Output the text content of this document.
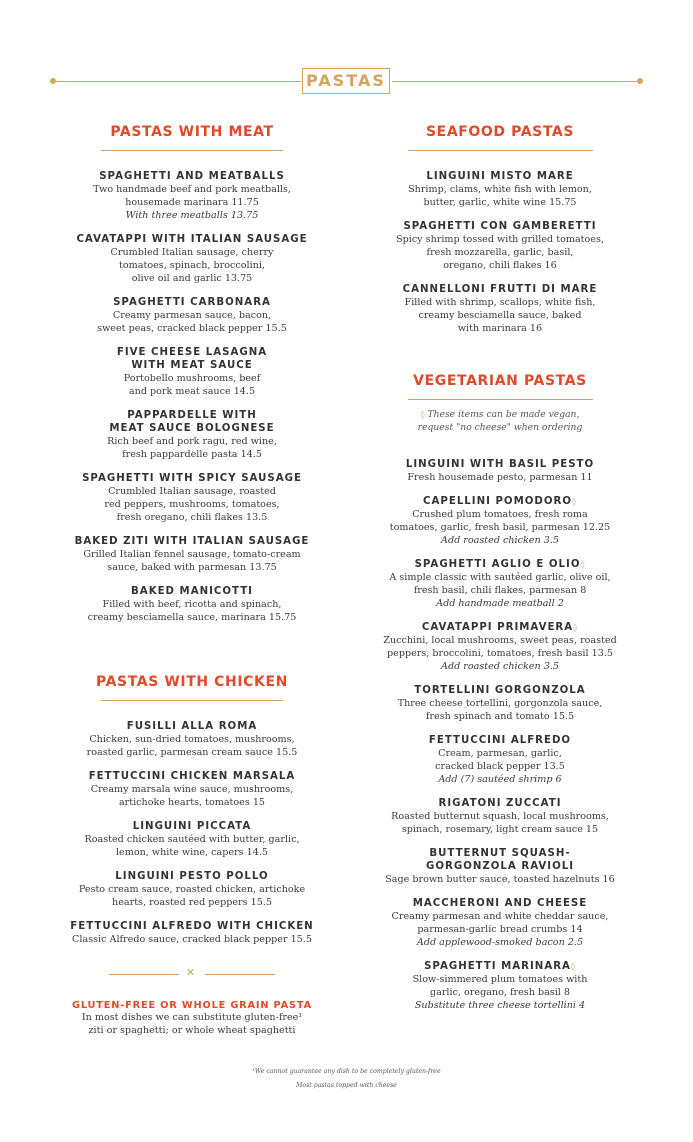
PASTAS
PASTAS WITH MEAT
SPAGHETTI AND MEATBALLS
Two handmade beef and pork meatballs,
housemade marinara 11.75
With three meatballs 13.75
CAVATAPPI WITH ITALIAN SAUSAGE
Crumbled Italian sausage, cherry
tomatoes, spinach, broccolini,
olive oil and garlic 13.75
SPAGHETTI CARBONARA
Creamy parmesan sauce, bacon,
sweet peas, cracked black pepper 15.5
FIVE CHEESE LASAGNA
WITH MEAT SAUCE
Portobello mushrooms, beef
and pork meat sauce 14.5
PAPPARDELLE WITH
MEAT SAUCE BOLOGNESE
Rich beef and pork ragu, red wine,
fresh pappardelle pasta 14.5
SPAGHETTI WITH SPICY SAUSAGE
Crumbled Italian sausage, roasted
red peppers, mushrooms, tomatoes,
fresh oregano, chili flakes 13.5
BAKED ZITI WITH ITALIAN SAUSAGE
Grilled Italian fennel sausage, tomato-cream
sauce, baked with parmesan 13.75
BAKED MANICOTTI
Filled with beef, ricotta and spinach,
creamy besciamella sauce, marinara 15.75
PASTAS WITH CHICKEN
FUSILLI ALLA ROMA
Chicken, sun-dried tomatoes, mushrooms,
roasted garlic, parmesan cream sauce 15.5
FETTUCCINI CHICKEN MARSALA
Creamy marsala wine sauce, mushrooms,
artichoke hearts, tomatoes 15
LINGUINI PICCATA
Roasted chicken sautéed with butter, garlic,
lemon, white wine, capers 14.5
LINGUINI PESTO POLLO
Pesto cream sauce, roasted chicken, artichoke
hearts, roasted red peppers 15.5
FETTUCCINI ALFREDO WITH CHICKEN
Classic Alfredo sauce, cracked black pepper 15.5
✕
GLUTEN-FREE OR WHOLE GRAIN PASTA
In most dishes we can substitute gluten-free¹
ziti or spaghetti; or whole wheat spaghetti
SEAFOOD PASTAS
LINGUINI MISTO MARE
Shrimp, clams, white fish with lemon,
butter, garlic, white wine 15.75
SPAGHETTI CON GAMBERETTI
Spicy shrimp tossed with grilled tomatoes,
fresh mozzarella, garlic, basil,
oregano, chili flakes 16
CANNELLONI FRUTTI DI MARE
Filled with shrimp, scallops, white fish,
creamy besciamella sauce, baked
with marinara 16
VEGETARIAN PASTAS
◊ These items can be made vegan,
request "no cheese" when ordering
LINGUINI WITH BASIL PESTO
Fresh housemade pesto, parmesan 11
CAPELLINI POMODORO◊
Crushed plum tomatoes, fresh roma
tomatoes, garlic, fresh basil, parmesan 12.25
Add roasted chicken 3.5
SPAGHETTI AGLIO E OLIO◊
A simple classic with sautéed garlic, olive oil,
fresh basil, chili flakes, parmesan 8
Add handmade meatball 2
CAVATAPPI PRIMAVERA◊
Zucchini, local mushrooms, sweet peas, roasted
peppers, broccolini, tomatoes, fresh basil 13.5
Add roasted chicken 3.5
TORTELLINI GORGONZOLA
Three cheese tortellini, gorgonzola sauce,
fresh spinach and tomato 15.5
FETTUCCINI ALFREDO
Cream, parmesan, garlic,
cracked black pepper 13.5
Add (7) sautéed shrimp 6
RIGATONI ZUCCATI
Roasted butternut squash, local mushrooms,
spinach, rosemary, light cream sauce 15
BUTTERNUT SQUASH-
GORGONZOLA RAVIOLI
Sage brown butter sauce, toasted hazelnuts 16
MACCHERONI AND CHEESE
Creamy parmesan and white cheddar sauce,
parmesan-garlic bread crumbs 14
Add applewood-smoked bacon 2.5
SPAGHETTI MARINARA◊
Slow-simmered plum tomatoes with
garlic, oregano, fresh basil 8
Substitute three cheese tortellini 4
¹We cannot guarantee any dish to be completely gluten-free
Most pastas topped with cheese
